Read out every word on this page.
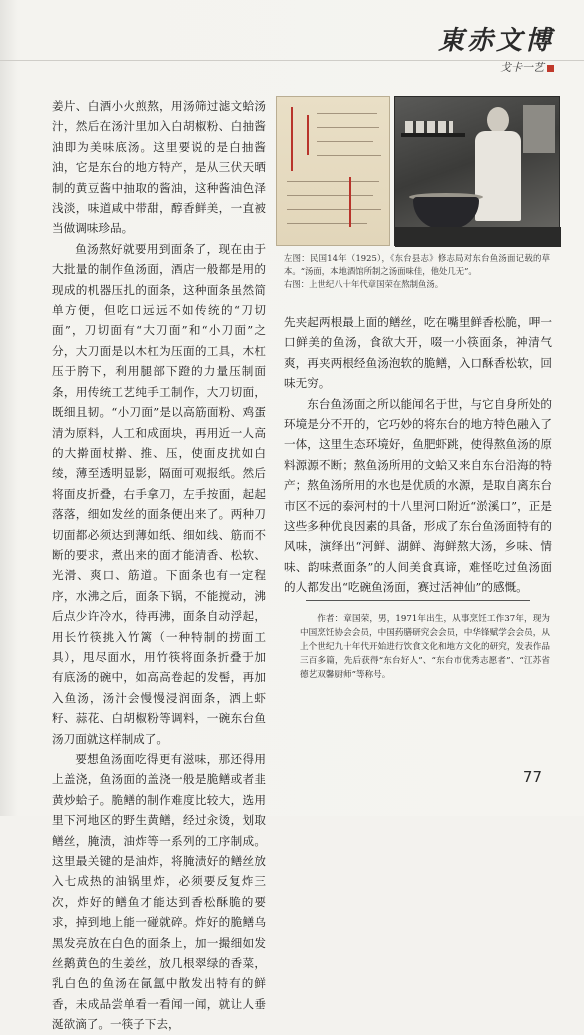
東赤文博
戈卡一艺

姜片、白酒小火煎熬，用汤筛过滤文蛤汤汁，然后在汤汁里加入白胡椒粉、白抽酱油即为美味底汤。这里要说的是白抽酱油，它是东台的地方特产，是从三伏天晒制的黄豆酱中抽取的酱油，这种酱油色泽浅淡，味道咸中带甜，醇香鲜美，一直被当做调味珍品。

鱼汤熬好就要用到面条了，现在由于大批量的制作鱼汤面，酒店一般都是用的现成的机器压扎的面条，这种面条虽然简单方便，但吃口远远不如传统的“刀切面”，刀切面有“大刀面”和“小刀面”之分，大刀面是以木杠为压面的工具，木杠压于胯下，利用腿部下蹬的力量压制面条，用传统工艺纯手工制作，大刀切面，既细且韧。“小刀面”是以高筋面粉、鸡蛋清为原料，人工和成面块，再用近一人高的大擀面杖擀、推、压，使面皮扰如白绫，薄至透明显影，隔面可观报纸。然后将面皮折叠，右手拿刀，左手按面，起起落落，细如发丝的面条便出来了。两种刀切面都必须达到薄如纸、细如线、筋而不断的要求，煮出来的面才能清香、松软、光滑、爽口、筋道。下面条也有一定程序，水沸之后，面条下锅，不能搅动，沸后点少许冷水，待再沸，面条自动浮起，用长竹筷挑入竹篱（一种特制的捞面工具），甩尽面水，用竹筷将面条折叠于加有底汤的碗中，如高高卷起的发髻，再加入鱼汤，汤汁会慢慢浸润面条，洒上虾籽、蒜花、白胡椒粉等调料，一碗东台鱼汤刀面就这样制成了。

要想鱼汤面吃得更有滋味，那还得用上盖浇，鱼汤面的盖浇一般是脆鳝或者韭黄炒蛤子。脆鳝的制作难度比较大，选用里下河地区的野生黄鳝，经过汆烫，划取鳝丝，腌渍，油炸等一系列的工序制成。这里最关键的是油炸，将腌渍好的鳝丝放入七成热的油锅里炸，必须要反复炸三次，炸好的鳝鱼才能达到香松酥脆的要求，掉到地上能一碰就碎。炸好的脆鳝乌黑发亮放在白色的面条上，加一撮细如发丝鹅黄色的生姜丝，放几根翠绿的香菜，乳白色的鱼汤在氤氲中散发出特有的鲜香，未成品尝单看一看闻一闻，就让人垂涎欲滴了。一筷子下去，

左图：民国14年（1925），《东台县志》修志局对东台鱼汤面记载的草本。“汤面，本地酒馆所制之汤面味佳，他处几无”。
右图：上世纪八十年代章国荣在熬制鱼汤。

先夹起两根最上面的鳝丝，吃在嘴里鲜香松脆，呷一口鲜美的鱼汤，食欲大开，啜一小筷面条，神清气爽，再夹两根经鱼汤泡软的脆鳝，入口酥香松软，回味无穷。

东台鱼汤面之所以能闻名于世，与它自身所处的环境是分不开的，它巧妙的将东台的地方特色融入了一体，这里生态环境好，鱼肥虾跳，使得熬鱼汤的原料源源不断；熬鱼汤所用的文蛤又来自东台沿海的特产；熬鱼汤所用的水也是优质的水源，是取自离东台市区不远的泰河村的十八里河口附近“淤溪口”，正是这些多种优良因素的具备，形成了东台鱼汤面特有的风味，演绎出“河鲜、湖鲜、海鲜熬大汤，乡味、情味、韵味煮面条”的人间美食真谛，难怪吃过鱼汤面的人都发出“吃碗鱼汤面，赛过活神仙”的感慨。

作者：章国荣，男，1971年出生，从事烹饪工作37年，现为中国烹饪协会会员，中国药膳研究会会员，中华锋赋学会会员，从上个世纪九十年代开始进行饮食文化和地方文化的研究，发表作品三百多篇，先后获得“东台好人”、“东台市优秀志愿者”、“江苏省德艺双馨厨师”等称号。

77
